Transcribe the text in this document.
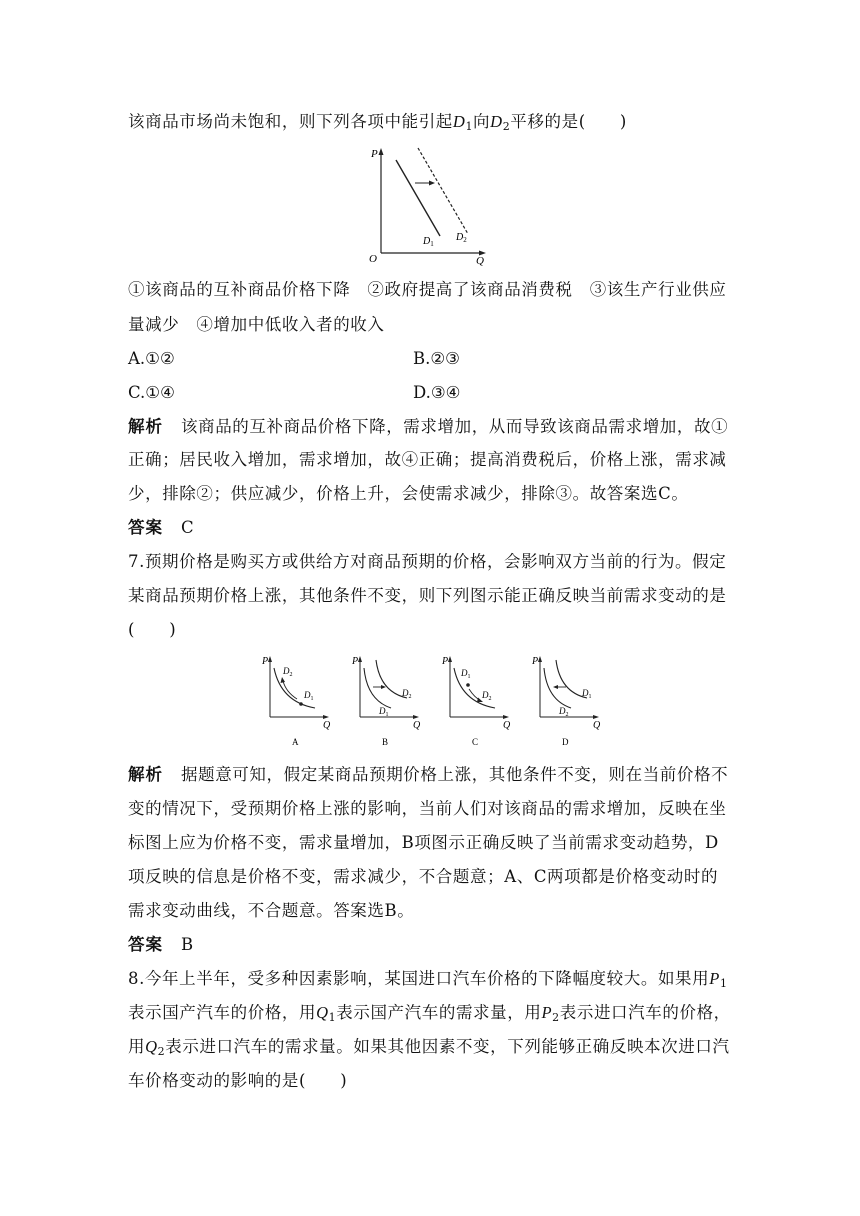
该商品市场尚未饱和，则下列各项中能引起$D_1$向$D_2$平移的是(　　)
P
Q
O
$D_1$
$D_2$
①该商品的互补商品价格下降　②政府提高了该商品消费税　③该生产行业供应
量减少　④增加中低收入者的收入
A.①②	B.②③
C.①④	D.③④
解析 该商品的互补商品价格下降，需求增加，从而导致该商品需求增加，故①
正确；居民收入增加，需求增加，故④正确；提高消费税后，价格上涨，需求减
少，排除②；供应减少，价格上升，会使需求减少，排除③。故答案选C。
答案 C
7.预期价格是购买方或供给方对商品预期的价格，会影响双方当前的行为。假定
某商品预期价格上涨，其他条件不变，则下列图示能正确反映当前需求变动的是
(　　)
P
Q
$D_2$
$D_1$
A
P
Q
$D_2$
$D_1$
B
P
Q
$D_1$
$D_2$
C
P
Q
$D_1$
$D_2$
D
解析 据题意可知，假定某商品预期价格上涨，其他条件不变，则在当前价格不
变的情况下，受预期价格上涨的影响，当前人们对该商品的需求增加，反映在坐
标图上应为价格不变，需求量增加，B项图示正确反映了当前需求变动趋势，D
项反映的信息是价格不变，需求减少，不合题意；A、C两项都是价格变动时的
需求变动曲线，不合题意。答案选B。
答案 B
8.今年上半年，受多种因素影响，某国进口汽车价格的下降幅度较大。如果用$P_1$
表示国产汽车的价格，用$Q_1$表示国产汽车的需求量，用$P_2$表示进口汽车的价格，
用$Q_2$表示进口汽车的需求量。如果其他因素不变，下列能够正确反映本次进口汽
车价格变动的影响的是(　　)
